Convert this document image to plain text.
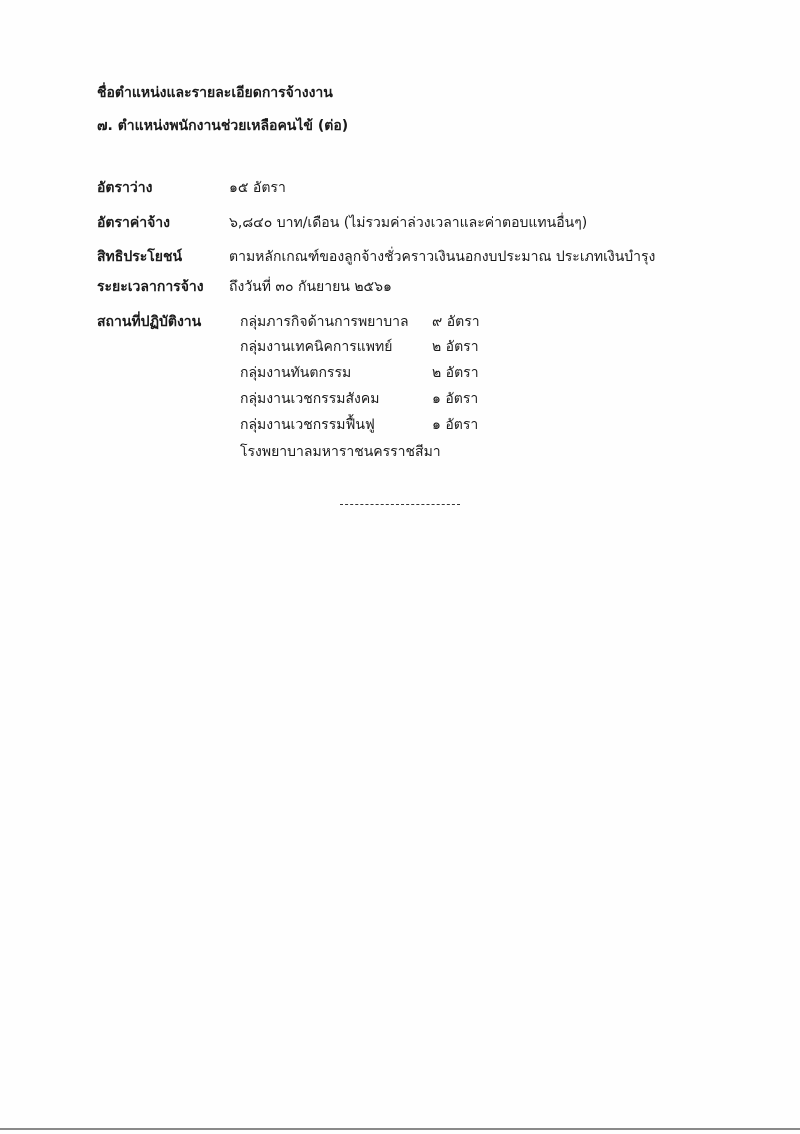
ชื่อตำแหน่งและรายละเอียดการจ้างงาน
๗. ตำแหน่งพนักงานช่วยเหลือคนไข้ (ต่อ)
อัตราว่าง	๑๕ อัตรา
อัตราค่าจ้าง	๖,๘๔๐ บาท/เดือน (ไม่รวมค่าล่วงเวลาและค่าตอบแทนอื่นๆ)
สิทธิประโยชน์	ตามหลักเกณฑ์ของลูกจ้างชั่วคราวเงินนอกงบประมาณ ประเภทเงินบำรุง
ระยะเวลาการจ้าง ถึงวันที่ ๓๐ กันยายน ๒๕๖๑
สถานที่ปฏิบัติงาน	กลุ่มภารกิจด้านการพยาบาล ๙ อัตรา
กลุ่มงานเทคนิคการแพทย์	๒ อัตรา
กลุ่มงานทันตกรรม	๒ อัตรา
กลุ่มงานเวชกรรมสังคม	๑ อัตรา
กลุ่มงานเวชกรรมฟื้นฟู	๑ อัตรา
โรงพยาบาลมหาราชนครราชสีมา
